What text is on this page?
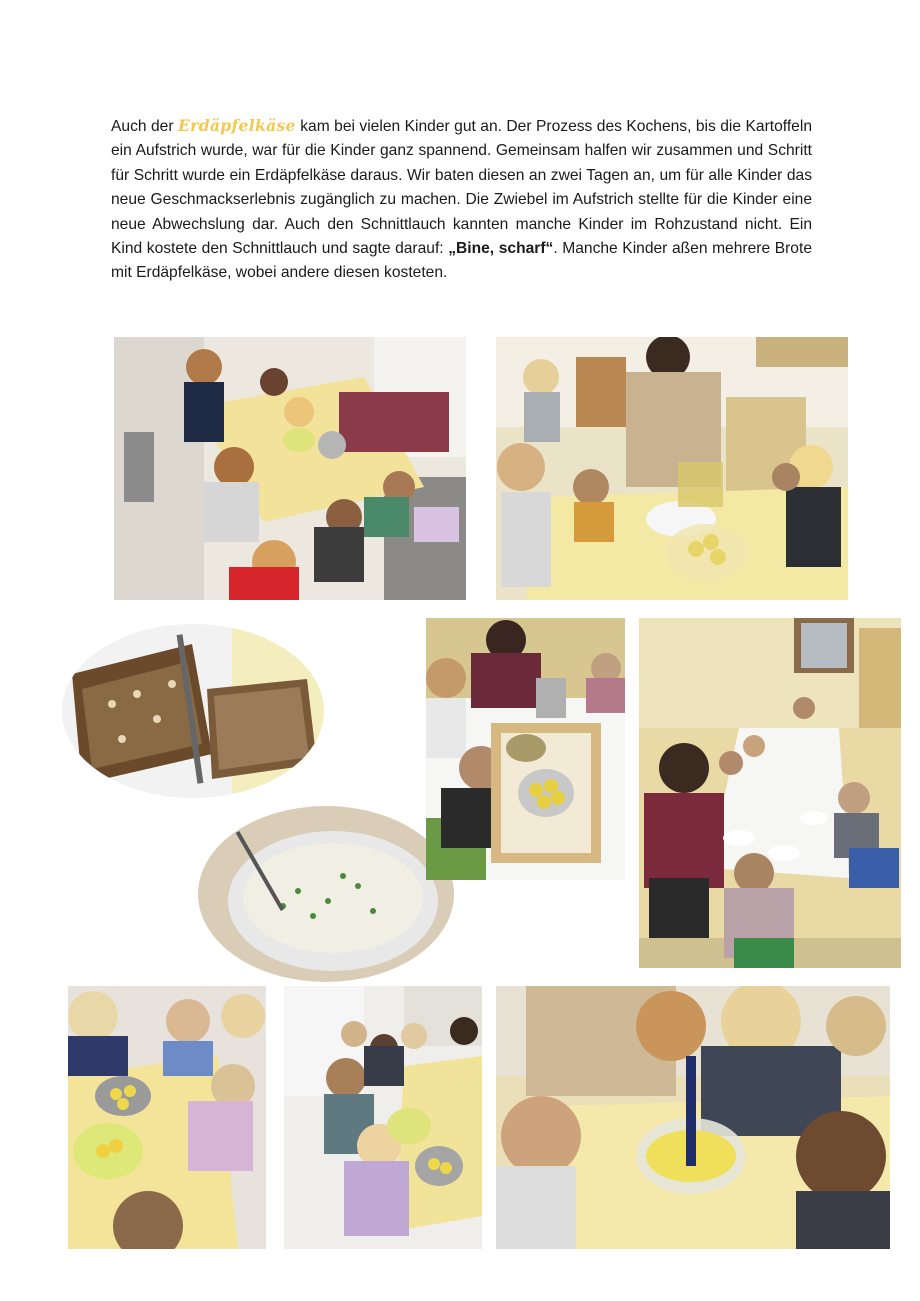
Auch der Erdäpfelkäse kam bei vielen Kinder gut an. Der Prozess des Kochens, bis die Kartoffeln ein Aufstrich wurde, war für die Kinder ganz spannend. Gemeinsam halfen wir zusammen und Schritt für Schritt wurde ein Erdäpfelkäse daraus. Wir baten diesen an zwei Tagen an, um für alle Kinder das neue Geschmackserlebnis zugänglich zu machen. Die Zwiebel im Aufstrich stellte für die Kinder eine neue Abwechslung dar. Auch den Schnittlauch kannten manche Kinder im Rohzustand nicht. Ein Kind kostete den Schnittlauch und sagte darauf: „Bine, scharf“. Manche Kinder aßen mehrere Brote mit Erdäpfelkäse, wobei andere diesen kosteten.
